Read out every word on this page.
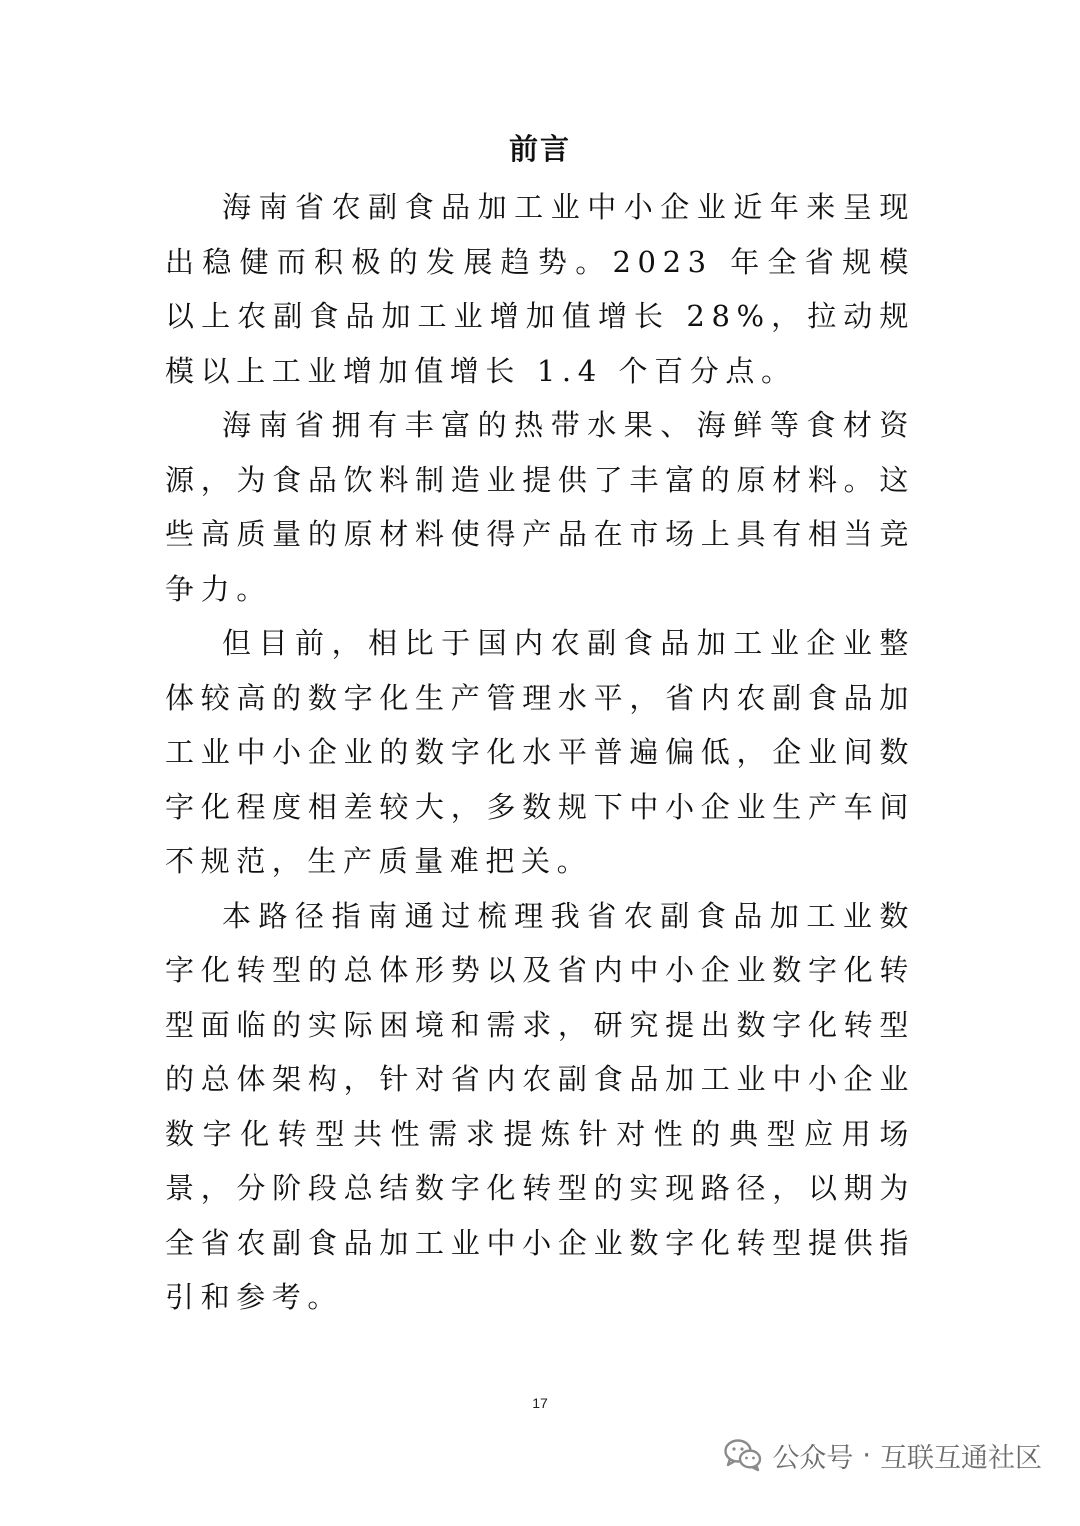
前言

海南省农副食品加工业中小企业近年来呈现出稳健而积极的发展趋势。2023 年全省规模以上农副食品加工业增加值增长 28%，拉动规模以上工业增加值增长 1.4 个百分点。

海南省拥有丰富的热带水果、海鲜等食材资源，为食品饮料制造业提供了丰富的原材料。这些高质量的原材料使得产品在市场上具有相当竞争力。

但目前，相比于国内农副食品加工业企业整体较高的数字化生产管理水平，省内农副食品加工业中小企业的数字化水平普遍偏低，企业间数字化程度相差较大，多数规下中小企业生产车间不规范，生产质量难把关。

本路径指南通过梳理我省农副食品加工业数字化转型的总体形势以及省内中小企业数字化转型面临的实际困境和需求，研究提出数字化转型的总体架构，针对省内农副食品加工业中小企业数字化转型共性需求提炼针对性的典型应用场景，分阶段总结数字化转型的实现路径，以期为全省农副食品加工业中小企业数字化转型提供指引和参考。

17
公众号 · 互联互通社区
